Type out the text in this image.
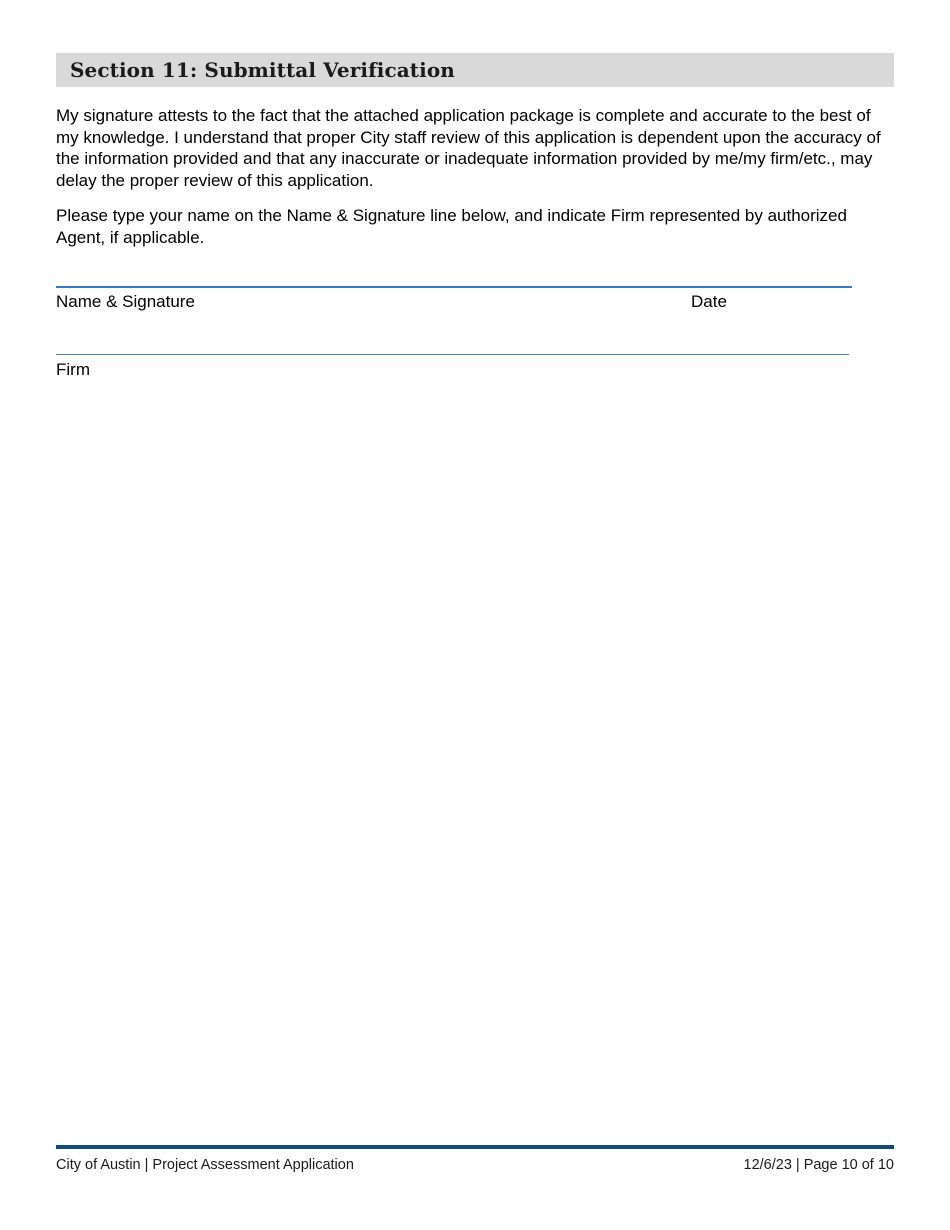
Section 11: Submittal Verification

My signature attests to the fact that the attached application package is complete and accurate to the best of my knowledge. I understand that proper City staff review of this application is dependent upon the accuracy of the information provided and that any inaccurate or inadequate information provided by me/my firm/etc., may delay the proper review of this application.

Please type your name on the Name & Signature line below, and indicate Firm represented by authorized Agent, if applicable.

Name & Signature	Date

Firm

City of Austin | Project Assessment Application	12/6/23 | Page 10 of 10
